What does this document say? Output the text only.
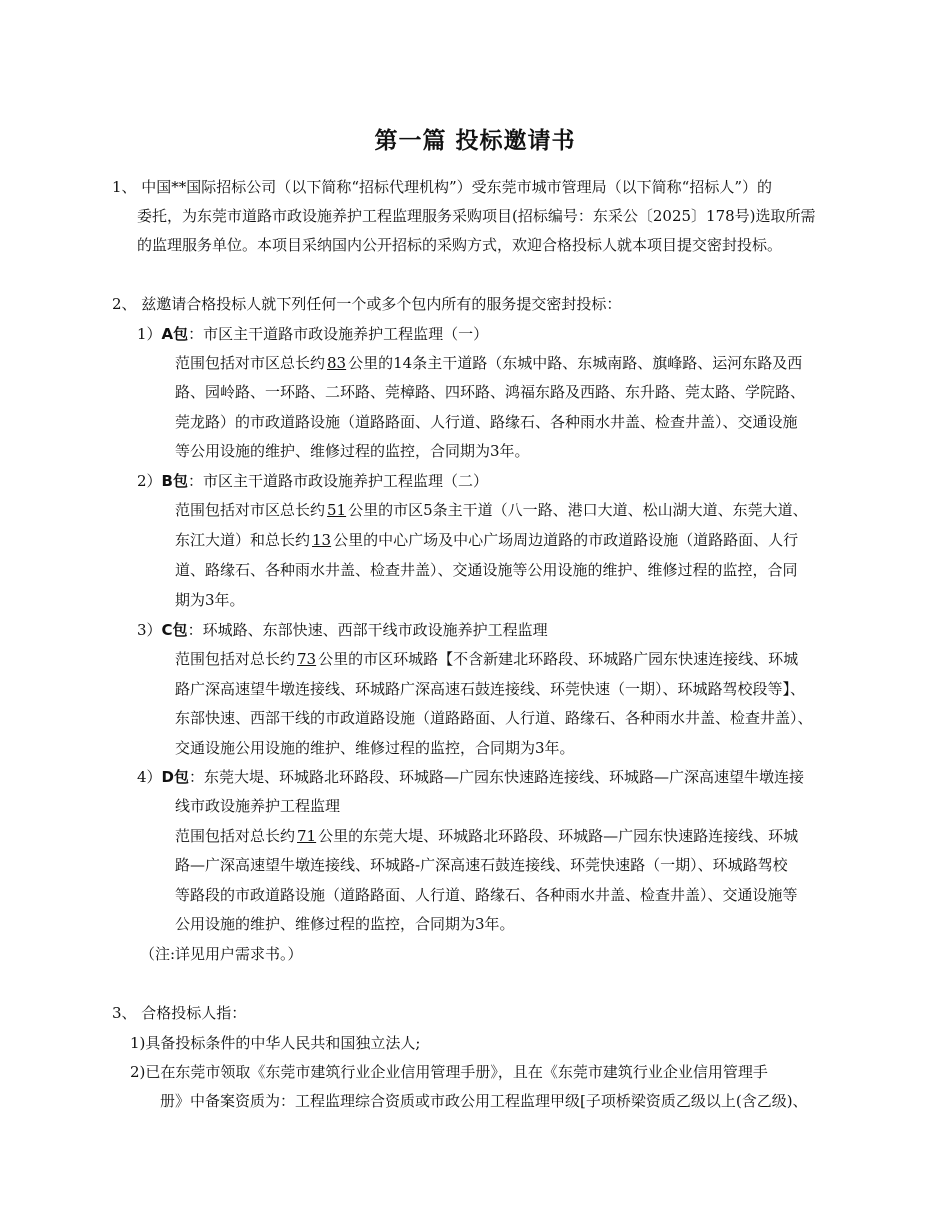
第一篇 投标邀请书
1、 中国**国际招标公司（以下简称“招标代理机构”）受东莞市城市管理局（以下简称“招标人”）的
委托，为东莞市道路市政设施养护工程监理服务采购项目(招标编号：东采公〔2025〕178号)选取所需
的监理服务单位。本项目采纳国内公开招标的采购方式，欢迎合格投标人就本项目提交密封投标。
2、 兹邀请合格投标人就下列任何一个或多个包内所有的服务提交密封投标：
1）A包：市区主干道路市政设施养护工程监理（一）
范围包括对市区总长约 83 公里的14条主干道路（东城中路、东城南路、旗峰路、运河东路及西
路、园岭路、一环路、二环路、莞樟路、四环路、鸿福东路及西路、东升路、莞太路、学院路、
莞龙路）的市政道路设施（道路路面、人行道、路缘石、各种雨水井盖、检查井盖）、交通设施
等公用设施的维护、维修过程的监控，合同期为3年。
2）B包：市区主干道路市政设施养护工程监理（二）
范围包括对市区总长约 51 公里的市区5条主干道（八一路、港口大道、松山湖大道、东莞大道、
东江大道）和总长约 13 公里的中心广场及中心广场周边道路的市政道路设施（道路路面、人行
道、路缘石、各种雨水井盖、检查井盖）、交通设施等公用设施的维护、维修过程的监控，合同
期为3年。
3）C包：环城路、东部快速、西部干线市政设施养护工程监理
范围包括对总长约 73 公里的市区环城路【不含新建北环路段、环城路广园东快速连接线、环城
路广深高速望牛墩连接线、环城路广深高速石鼓连接线、环莞快速（一期）、环城路驾校段等】、
东部快速、西部干线的市政道路设施（道路路面、人行道、路缘石、各种雨水井盖、检查井盖）、
交通设施公用设施的维护、维修过程的监控，合同期为3年。
4）D包：东莞大堤、环城路北环路段、环城路—广园东快速路连接线、环城路—广深高速望牛墩连接
线市政设施养护工程监理
范围包括对总长约 71 公里的东莞大堤、环城路北环路段、环城路—广园东快速路连接线、环城
路—广深高速望牛墩连接线、环城路-广深高速石鼓连接线、环莞快速路（一期）、环城路驾校
等路段的市政道路设施（道路路面、人行道、路缘石、各种雨水井盖、检查井盖）、交通设施等
公用设施的维护、维修过程的监控，合同期为3年。
（注:详见用户需求书。）
3、 合格投标人指：
1)具备投标条件的中华人民共和国独立法人;
2)已在东莞市领取《东莞市建筑行业企业信用管理手册》，且在《东莞市建筑行业企业信用管理手
册》中备案资质为：工程监理综合资质或市政公用工程监理甲级[子项桥梁资质乙级以上(含乙级)、
